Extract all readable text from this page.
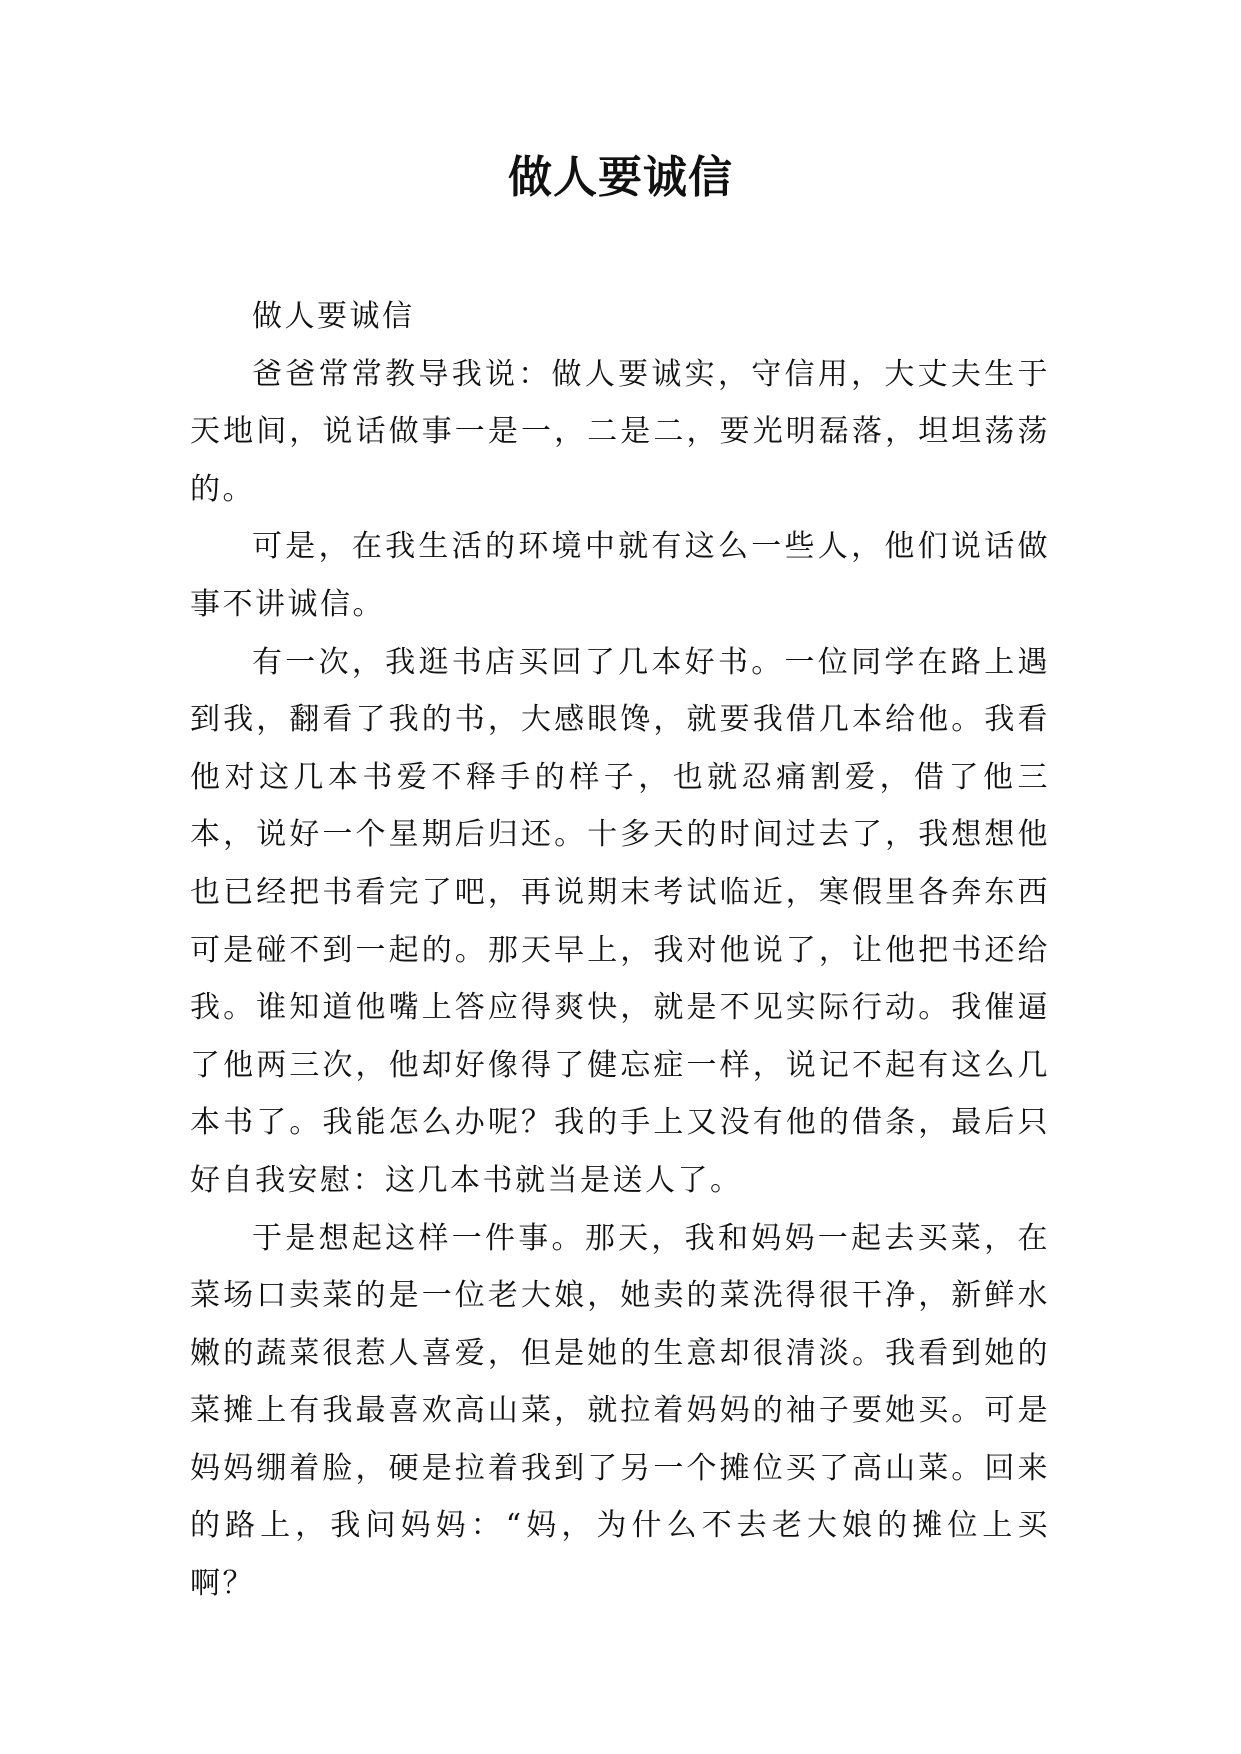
做人要诚信

做人要诚信

爸爸常常教导我说：做人要诚实，守信用，大丈夫生于天地间，说话做事一是一，二是二，要光明磊落，坦坦荡荡的。

可是，在我生活的环境中就有这么一些人，他们说话做事不讲诚信。

有一次，我逛书店买回了几本好书。一位同学在路上遇到我，翻看了我的书，大感眼馋，就要我借几本给他。我看他对这几本书爱不释手的样子，也就忍痛割爱，借了他三本，说好一个星期后归还。十多天的时间过去了，我想想他也已经把书看完了吧，再说期末考试临近，寒假里各奔东西可是碰不到一起的。那天早上，我对他说了，让他把书还给我。谁知道他嘴上答应得爽快，就是不见实际行动。我催逼了他两三次，他却好像得了健忘症一样，说记不起有这么几本书了。我能怎么办呢？我的手上又没有他的借条，最后只好自我安慰：这几本书就当是送人了。

于是想起这样一件事。那天，我和妈妈一起去买菜，在菜场口卖菜的是一位老大娘，她卖的菜洗得很干净，新鲜水嫩的蔬菜很惹人喜爱，但是她的生意却很清淡。我看到她的菜摊上有我最喜欢高山菜，就拉着妈妈的袖子要她买。可是妈妈绷着脸，硬是拉着我到了另一个摊位买了高山菜。回来的路上，我问妈妈：“妈，为什么不去老大娘的摊位上买啊？
